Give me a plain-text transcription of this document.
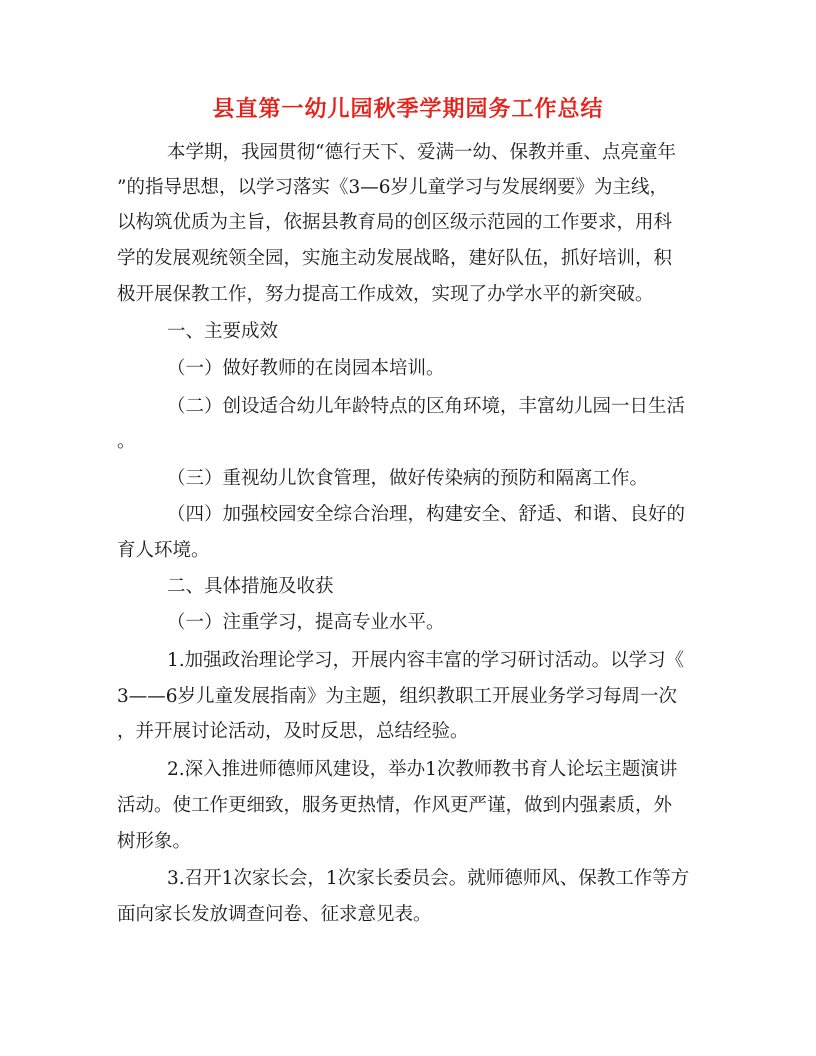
县直第一幼儿园秋季学期园务工作总结
本学期，我园贯彻“德行天下、爱满一幼、保教并重、点亮童年
”的指导思想，以学习落实《3—6岁儿童学习与发展纲要》为主线，
以构筑优质为主旨，依据县教育局的创区级示范园的工作要求，用科
学的发展观统领全园，实施主动发展战略，建好队伍，抓好培训，积
极开展保教工作，努力提高工作成效，实现了办学水平的新突破。
一、主要成效
（一）做好教师的在岗园本培训。
（二）创设适合幼儿年龄特点的区角环境，丰富幼儿园一日生活
。
（三）重视幼儿饮食管理，做好传染病的预防和隔离工作。
（四）加强校园安全综合治理，构建安全、舒适、和谐、良好的
育人环境。
二、具体措施及收获
（一）注重学习，提高专业水平。
1.加强政治理论学习，开展内容丰富的学习研讨活动。以学习《
3——6岁儿童发展指南》为主题，组织教职工开展业务学习每周一次
，并开展讨论活动，及时反思，总结经验。
2.深入推进师德师风建设，举办1次教师教书育人论坛主题演讲
活动。使工作更细致，服务更热情，作风更严谨，做到内强素质，外
树形象。
3.召开1次家长会，1次家长委员会。就师德师风、保教工作等方
面向家长发放调查问卷、征求意见表。
